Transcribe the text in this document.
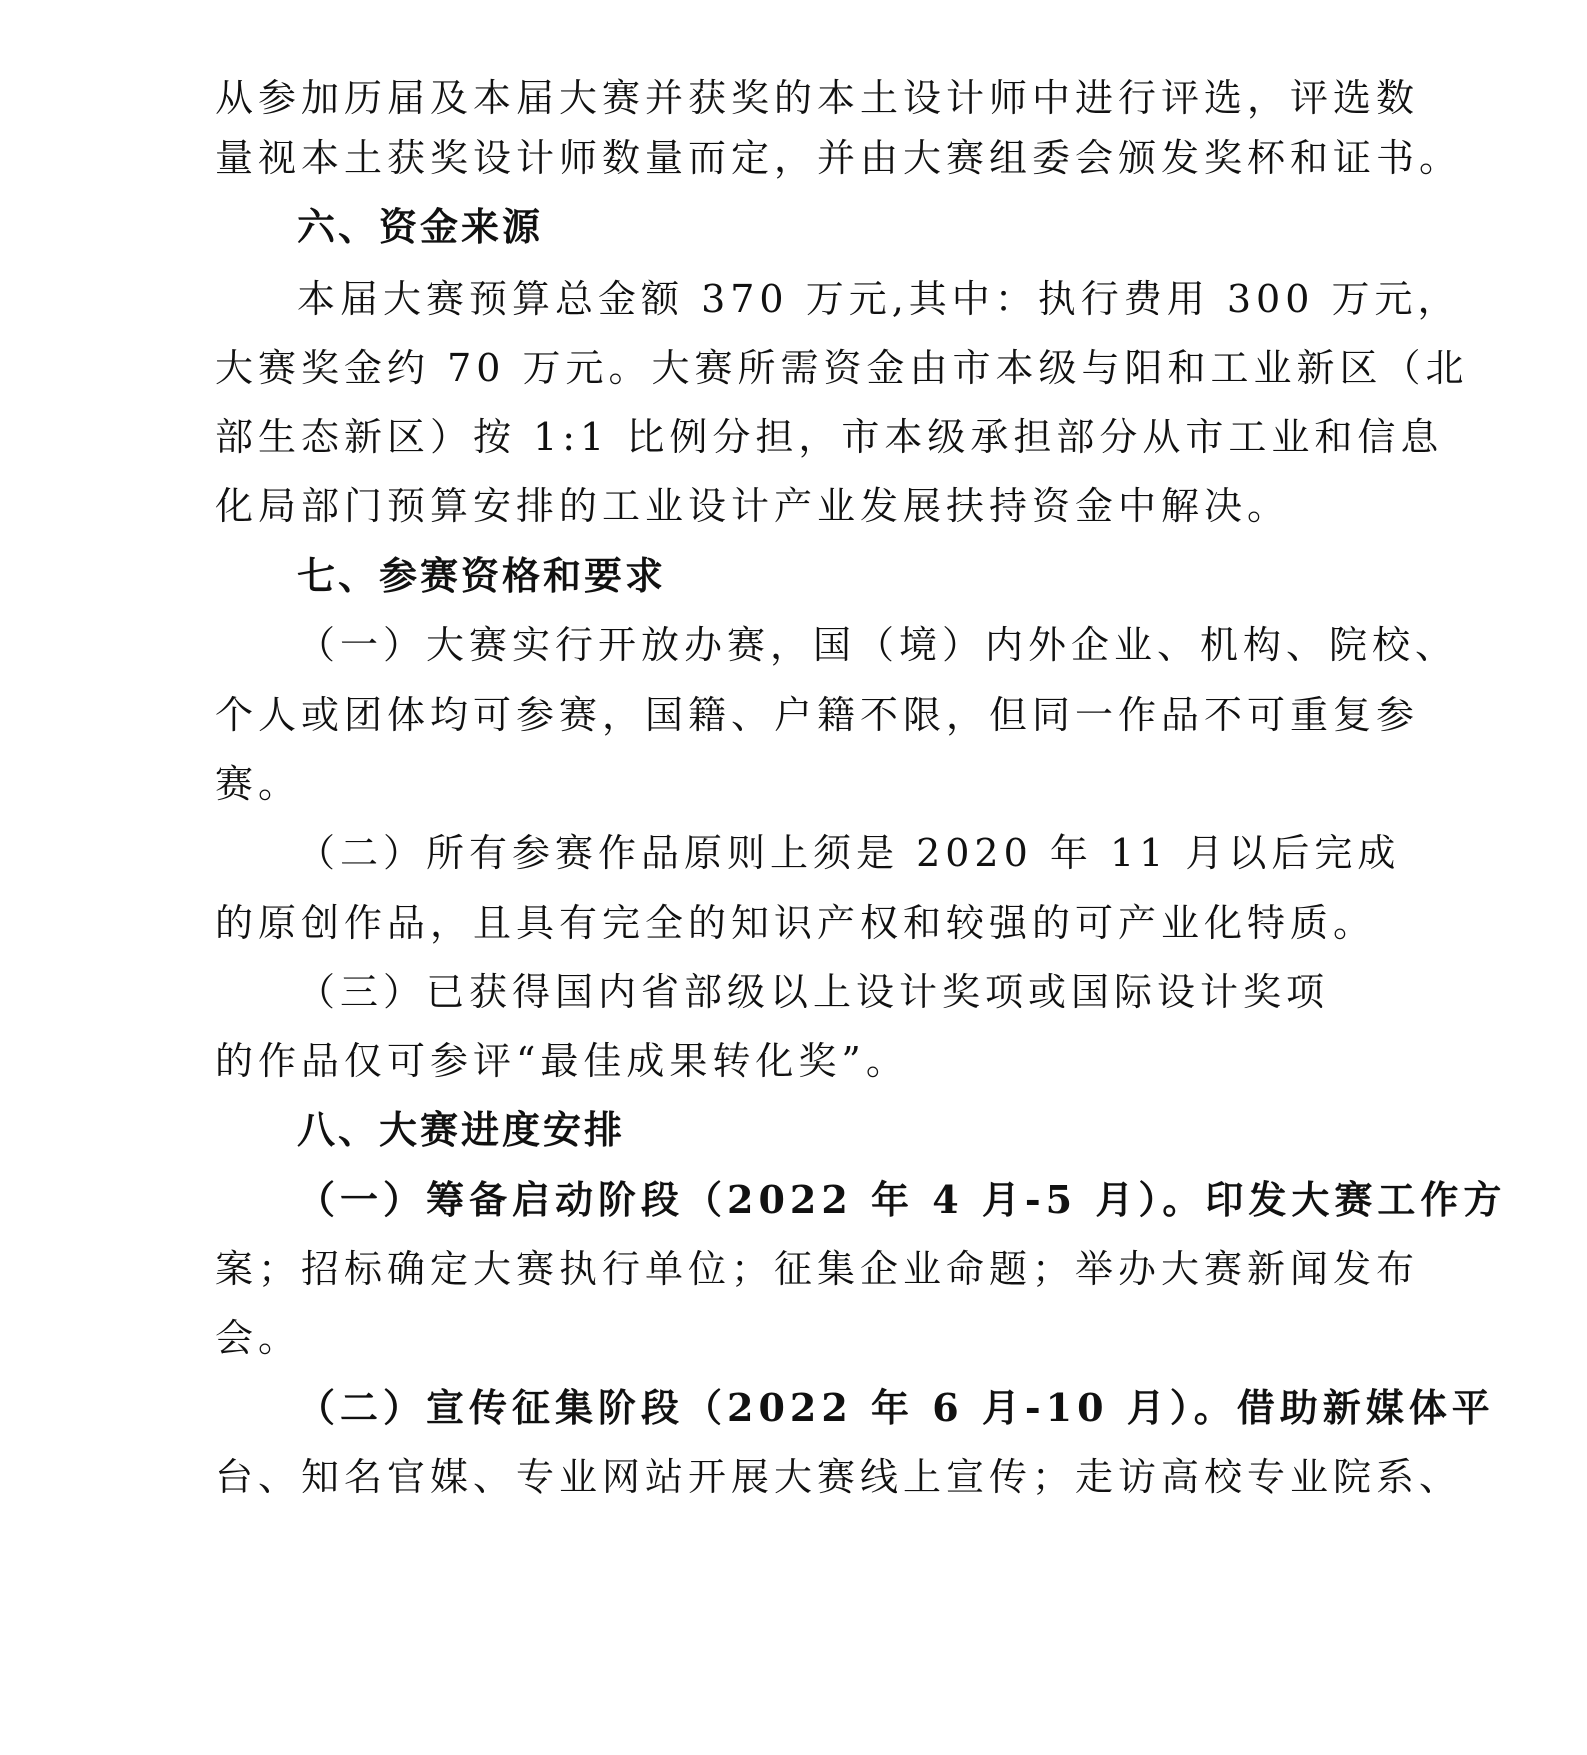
从参加历届及本届大赛并获奖的本土设计师中进行评选，评选数
量视本土获奖设计师数量而定，并由大赛组委会颁发奖杯和证书。
六、资金来源
本届大赛预算总金额 370 万元,其中：执行费用 300 万元，
大赛奖金约 70 万元。大赛所需资金由市本级与阳和工业新区（北
部生态新区）按 1:1 比例分担，市本级承担部分从市工业和信息
化局部门预算安排的工业设计产业发展扶持资金中解决。
七、参赛资格和要求
（一）大赛实行开放办赛，国（境）内外企业、机构、院校、
个人或团体均可参赛，国籍、户籍不限，但同一作品不可重复参
赛。
（二）所有参赛作品原则上须是 2020 年 11 月以后完成
的原创作品，且具有完全的知识产权和较强的可产业化特质。
（三）已获得国内省部级以上设计奖项或国际设计奖项
的作品仅可参评“最佳成果转化奖”。
八、大赛进度安排
（一）筹备启动阶段（2022 年 4 月-5 月）。印发大赛工作方
案；招标确定大赛执行单位；征集企业命题；举办大赛新闻发布
会。
（二）宣传征集阶段（2022 年 6 月-10 月）。借助新媒体平
台、知名官媒、专业网站开展大赛线上宣传；走访高校专业院系、
